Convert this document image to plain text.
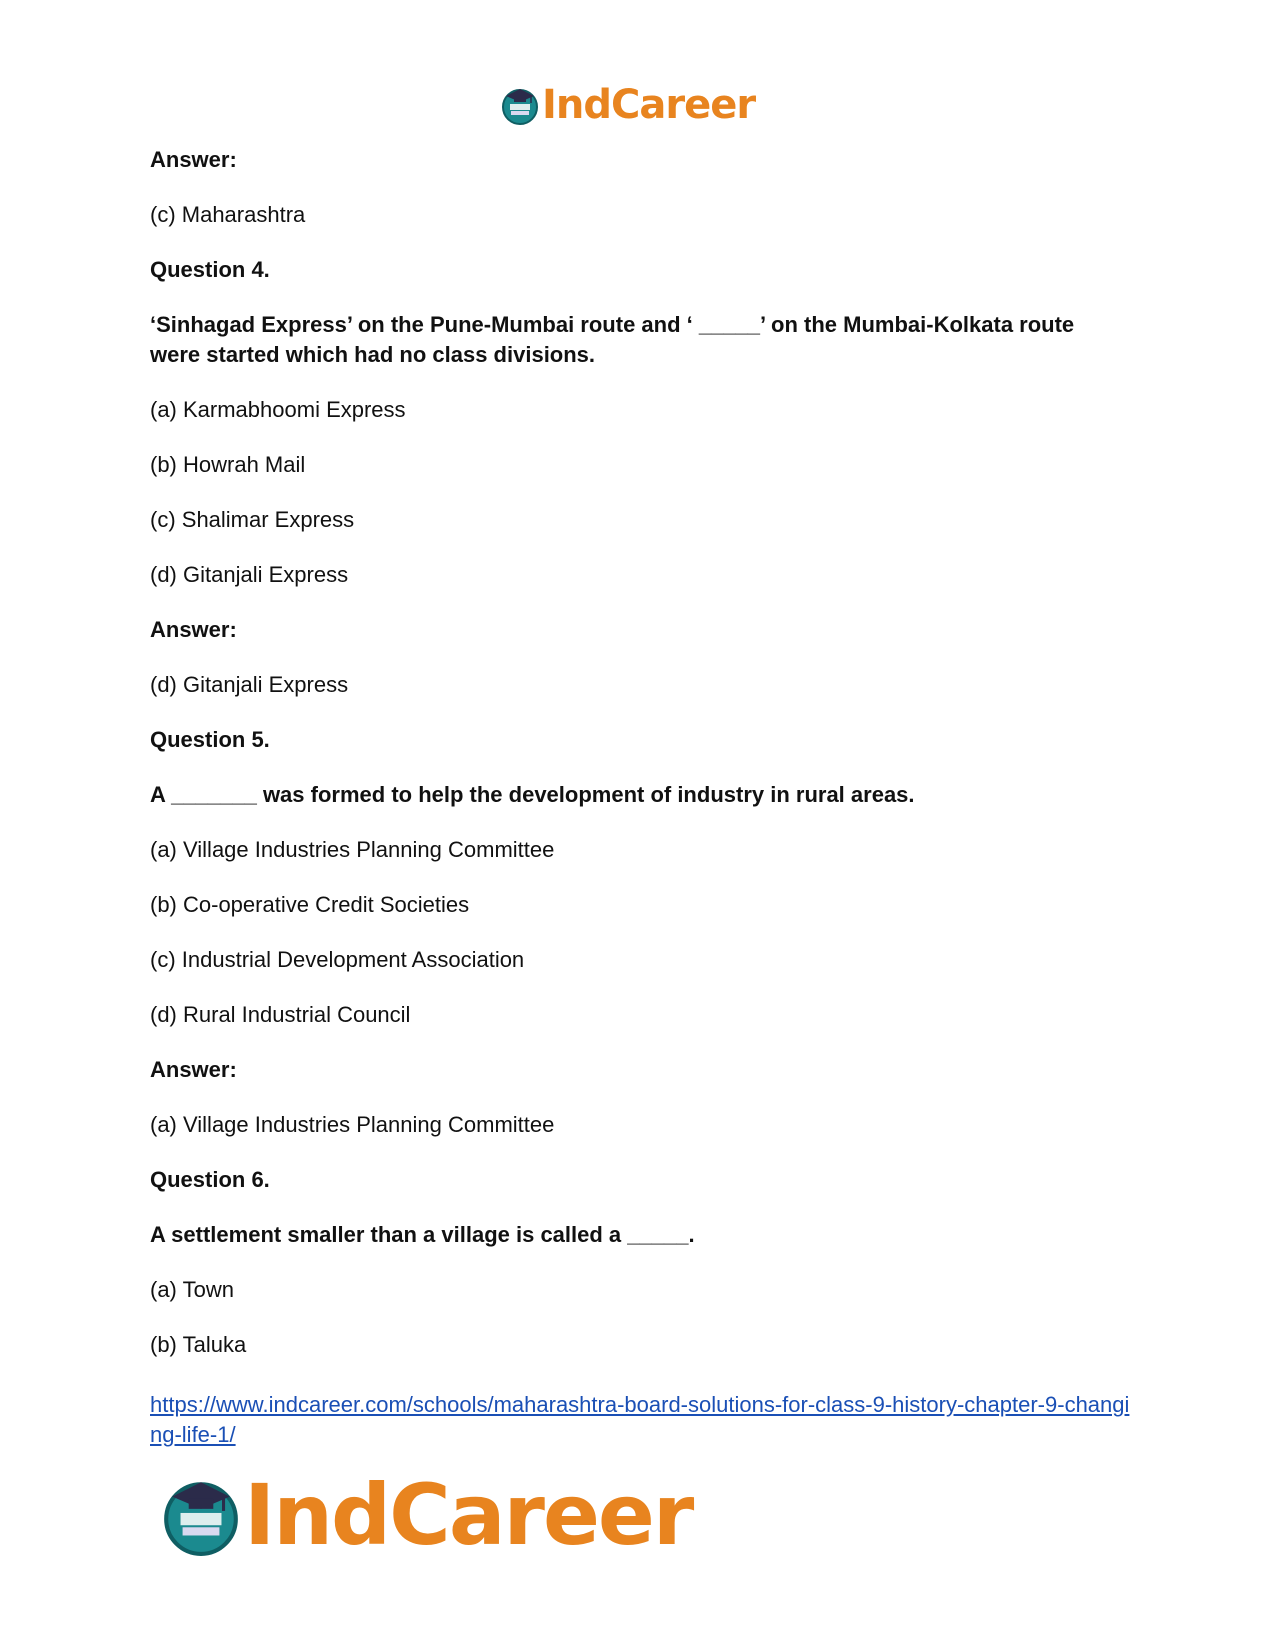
IndCareer

Answer:

(c) Maharashtra

Question 4.

‘Sinhagad Express’ on the Pune-Mumbai route and ‘ _____’ on the Mumbai-Kolkata route were started which had no class divisions.

(a) Karmabhoomi Express

(b) Howrah Mail

(c) Shalimar Express

(d) Gitanjali Express

Answer:

(d) Gitanjali Express

Question 5.

A _______ was formed to help the development of industry in rural areas.

(a) Village Industries Planning Committee

(b) Co-operative Credit Societies

(c) Industrial Development Association

(d) Rural Industrial Council

Answer:

(a) Village Industries Planning Committee

Question 6.

A settlement smaller than a village is called a _____.

(a) Town

(b) Taluka

https://www.indcareer.com/schools/maharashtra-board-solutions-for-class-9-history-chapter-9-changing-life-1/
IndCareer
